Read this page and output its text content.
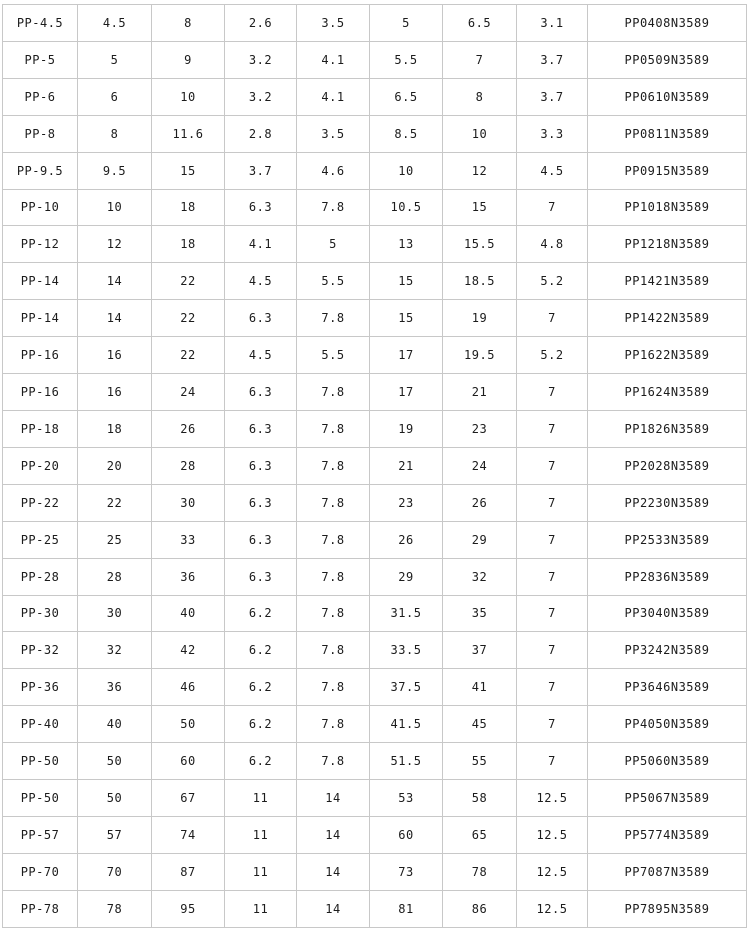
PP-4.5	4.5	8	2.6	3.5	5	6.5	3.1	PP0408N3589
PP-5	5	9	3.2	4.1	5.5	7	3.7	PP0509N3589
PP-6	6	10	3.2	4.1	6.5	8	3.7	PP0610N3589
PP-8	8	11.6	2.8	3.5	8.5	10	3.3	PP0811N3589
PP-9.5	9.5	15	3.7	4.6	10	12	4.5	PP0915N3589
PP-10	10	18	6.3	7.8	10.5	15	7	PP1018N3589
PP-12	12	18	4.1	5	13	15.5	4.8	PP1218N3589
PP-14	14	22	4.5	5.5	15	18.5	5.2	PP1421N3589
PP-14	14	22	6.3	7.8	15	19	7	PP1422N3589
PP-16	16	22	4.5	5.5	17	19.5	5.2	PP1622N3589
PP-16	16	24	6.3	7.8	17	21	7	PP1624N3589
PP-18	18	26	6.3	7.8	19	23	7	PP1826N3589
PP-20	20	28	6.3	7.8	21	24	7	PP2028N3589
PP-22	22	30	6.3	7.8	23	26	7	PP2230N3589
PP-25	25	33	6.3	7.8	26	29	7	PP2533N3589
PP-28	28	36	6.3	7.8	29	32	7	PP2836N3589
PP-30	30	40	6.2	7.8	31.5	35	7	PP3040N3589
PP-32	32	42	6.2	7.8	33.5	37	7	PP3242N3589
PP-36	36	46	6.2	7.8	37.5	41	7	PP3646N3589
PP-40	40	50	6.2	7.8	41.5	45	7	PP4050N3589
PP-50	50	60	6.2	7.8	51.5	55	7	PP5060N3589
PP-50	50	67	11	14	53	58	12.5	PP5067N3589
PP-57	57	74	11	14	60	65	12.5	PP5774N3589
PP-70	70	87	11	14	73	78	12.5	PP7087N3589
PP-78	78	95	11	14	81	86	12.5	PP7895N3589
